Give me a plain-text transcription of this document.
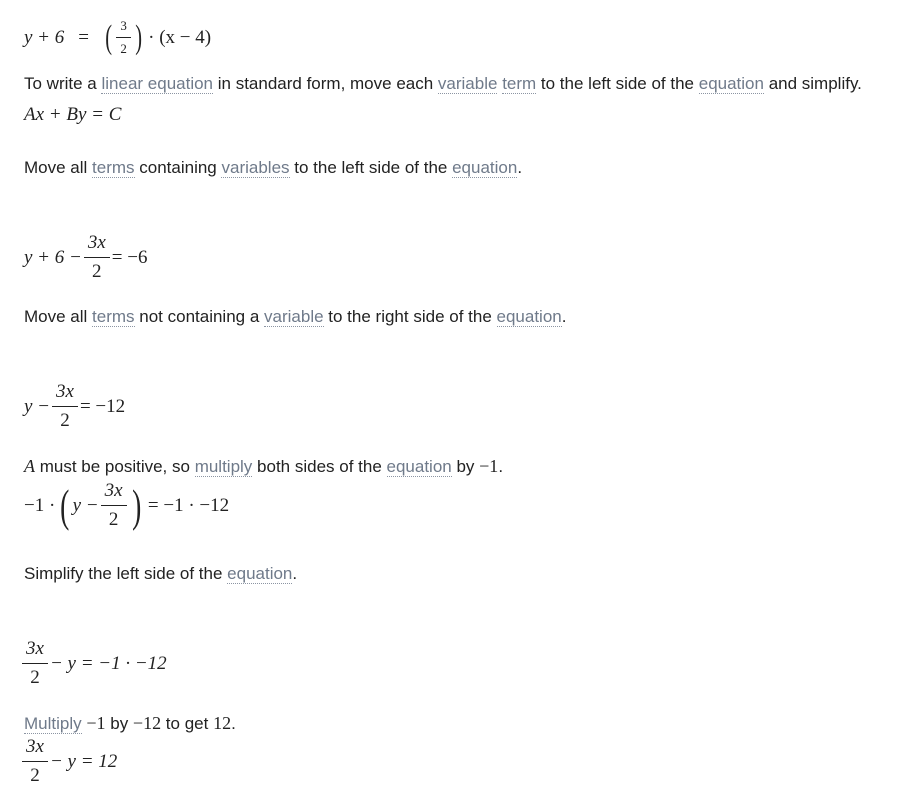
y + 6 = ( $\frac{3}{2}$ ) · (x − 4)
To write a linear equation in standard form, move each variable term to the left side of the equation and simplify.
Ax + By = C
Move all terms containing variables to the left side of the equation.
$y + 6 - \frac{3x}{2} = -6$
Move all terms not containing a variable to the right side of the equation.
$y - \frac{3x}{2} = -12$
A must be positive, so multiply both sides of the equation by −1.
−1 · ( $y - \frac{3x}{2}$ ) = −1 · −12
Simplify the left side of the equation.
$\frac{3x}{2} - y = -1 \cdot -12$
Multiply −1 by −12 to get 12.
$\frac{3x}{2} - y = 12$
